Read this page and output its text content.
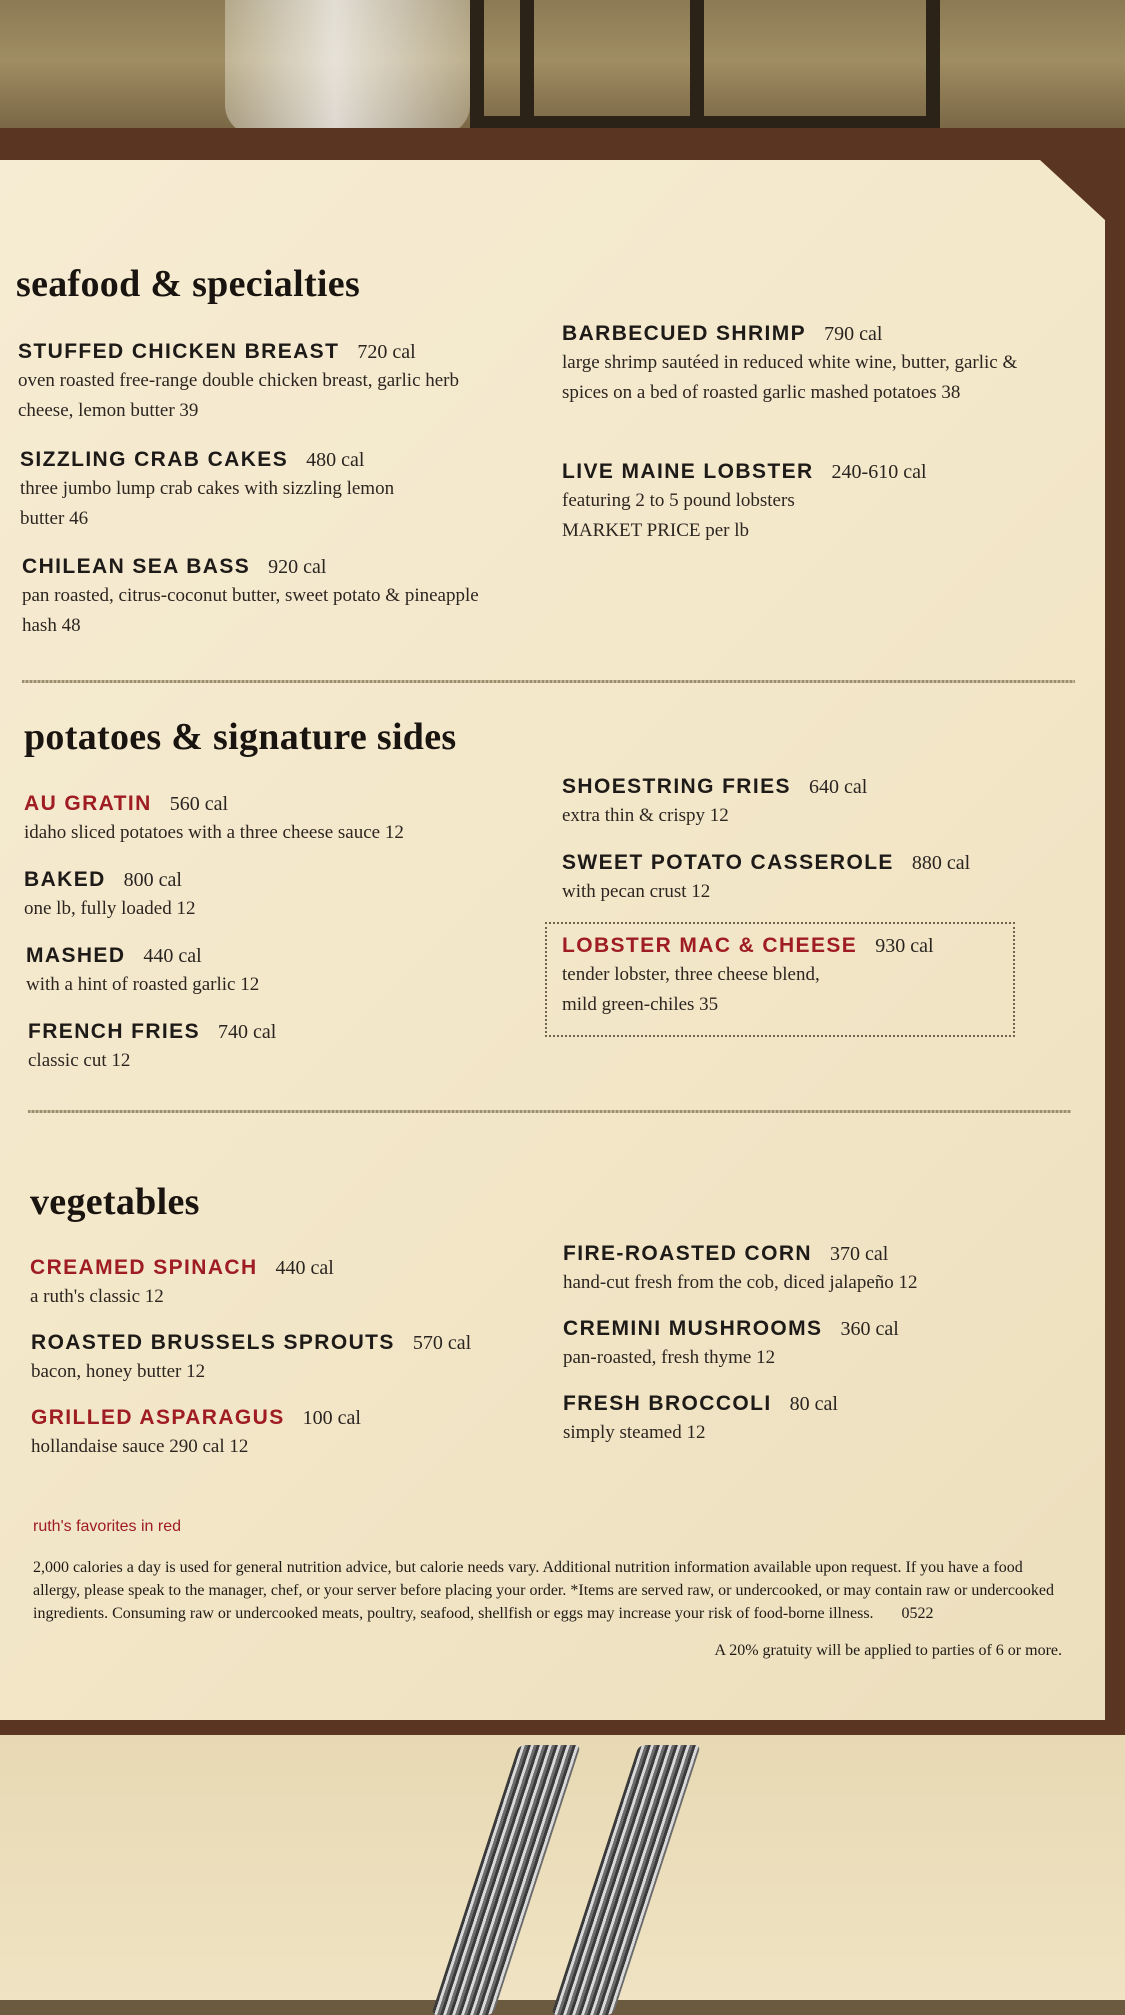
seafood & specialties
STUFFED CHICKEN BREAST 720 cal
oven roasted free-range double chicken breast, garlic herb cheese, lemon butter 39
SIZZLING CRAB CAKES 480 cal
three jumbo lump crab cakes with sizzling lemon butter 46
CHILEAN SEA BASS 920 cal
pan roasted, citrus-coconut butter, sweet potato & pineapple hash 48
BARBECUED SHRIMP 790 cal
large shrimp sautéed in reduced white wine, butter, garlic & spices on a bed of roasted garlic mashed potatoes 38
LIVE MAINE LOBSTER 240-610 cal
featuring 2 to 5 pound lobsters
MARKET PRICE per lb
potatoes & signature sides
AU GRATIN 560 cal
idaho sliced potatoes with a three cheese sauce 12
BAKED 800 cal
one lb, fully loaded 12
MASHED 440 cal
with a hint of roasted garlic 12
FRENCH FRIES 740 cal
classic cut 12
SHOESTRING FRIES 640 cal
extra thin & crispy 12
SWEET POTATO CASSEROLE 880 cal
with pecan crust 12
LOBSTER MAC & CHEESE 930 cal
tender lobster, three cheese blend,
mild green-chiles 35
vegetables
CREAMED SPINACH 440 cal
a ruth's classic 12
ROASTED BRUSSELS SPROUTS 570 cal
bacon, honey butter 12
GRILLED ASPARAGUS 100 cal
hollandaise sauce 290 cal 12
FIRE-ROASTED CORN 370 cal
hand-cut fresh from the cob, diced jalapeño 12
CREMINI MUSHROOMS 360 cal
pan-roasted, fresh thyme 12
FRESH BROCCOLI 80 cal
simply steamed 12
ruth's favorites in red
2,000 calories a day is used for general nutrition advice, but calorie needs vary. Additional nutrition information available upon request. If you have a food allergy, please speak to the manager, chef, or your server before placing your order. *Items are served raw, or undercooked, or may contain raw or undercooked ingredients. Consuming raw or undercooked meats, poultry, seafood, shellfish or eggs may increase your risk of food-borne illness. 0522
A 20% gratuity will be applied to parties of 6 or more.
